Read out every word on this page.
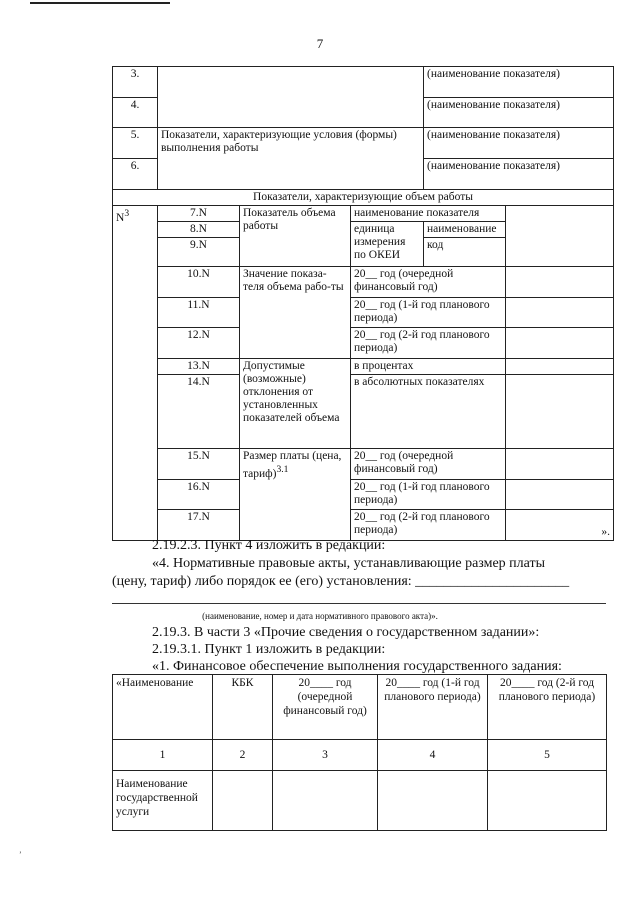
7
3.				(наименование показателя)		
4.				(наименование показателя)		
5.	Показатели, характеризующие условия (формы) выполнения работы			(наименование показателя)		
6.				(наименование показателя)		
Показатели, характеризующие объем работы						
$N^3$	7.N	Показатель объема работы	наименование показателя			
	8.N		единица измерения по ОКЕИ	наименование		
	9.N			код		
	10.N	Значение показа-теля объема рабо-ты	20__ год (очередной финансовый год)			
	11.N		20__ год (1-й год планового периода)			
	12.N		20__ год (2-й год планового периода)			
	13.N	Допустимые (возможные) отклонения от установленных показателей объема	в процентах			
	14.N		в абсолютных показателях			
	15.N	Размер платы (цена, тариф)$^{3.1}$	20__ год (очередной финансовый год)			
	16.N		20__ год (1-й год планового периода)			
	17.N		20__ год (2-й год планового периода)		».	
2.19.2.3. Пункт 4 изложить в редакции:
«4. Нормативные правовые акты, устанавливающие размер платы
(цену, тариф) либо порядок ее (его) установления: ______________________
(наименование, номер и дата нормативного правового акта)».
2.19.3. В части 3 «Прочие сведения о государственном задании»:
2.19.3.1. Пункт 1 изложить в редакции:
«1. Финансовое обеспечение выполнения государственного задания:
«Наименование	КБК	20____ год (очередной финансовый год)	20____ год (1-й год планового периода)	20____ год (2-й год планового периода)
1	2	3	4	5
Наименование государственной услуги				
ʼ
